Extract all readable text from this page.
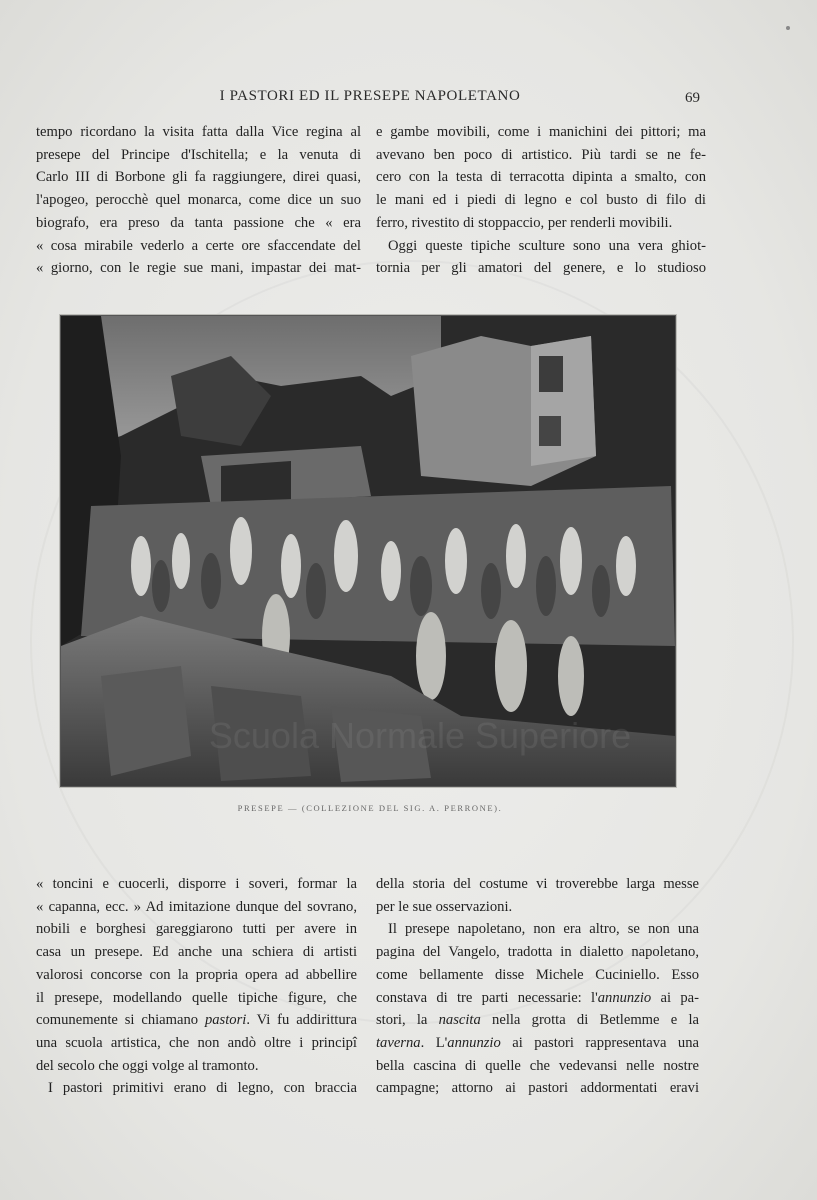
I PASTORI ED IL PRESEPE NAPOLETANO	69
tempo ricordano la visita fatta dalla Vice regina al
presepe del Principe d'Ischitella; e la venuta di
Carlo III di Borbone gli fa raggiungere, direi quasi,
l'apogeo, perocchè quel monarca, come dice un suo
biografo, era preso da tanta passione che « era
« cosa mirabile vederlo a certe ore sfaccendate del
« giorno, con le regie sue mani, impastar dei mat-
e gambe movibili, come i manichini dei pittori; ma
avevano ben poco di artistico. Più tardi se ne fe-
cero con la testa di terracotta dipinta a smalto, con
le mani ed i piedi di legno e col busto di filo di
ferro, rivestito di stoppaccio, per renderli movibili.
Oggi queste tipiche sculture sono una vera ghiot-
tornia per gli amatori del genere, e lo studioso
PRESEPE — (COLLEZIONE DEL SIG. A. PERRONE).
« toncini e cuocerli, disporre i soveri, formar la
« capanna, ecc. » Ad imitazione dunque del sovrano,
nobili e borghesi gareggiarono tutti per avere in
casa un presepe. Ed anche una schiera di artisti
valorosi concorse con la propria opera ad abbellire
il presepe, modellando quelle tipiche figure, che
comunemente si chiamano pastori. Vi fu addirittura
una scuola artistica, che non andò oltre i principî
del secolo che oggi volge al tramonto.
I pastori primitivi erano di legno, con braccia
della storia del costume vi troverebbe larga messe
per le sue osservazioni.
Il presepe napoletano, non era altro, se non una
pagina del Vangelo, tradotta in dialetto napoletano,
come bellamente disse Michele Cuciniello. Esso
constava di tre parti necessarie: l'annunzio ai pa-
stori, la nascita nella grotta di Betlemme e la
taverna. L'annunzio ai pastori rappresentava una
bella cascina di quelle che vedevansi nelle nostre
campagne; attorno ai pastori addormentati eravi
